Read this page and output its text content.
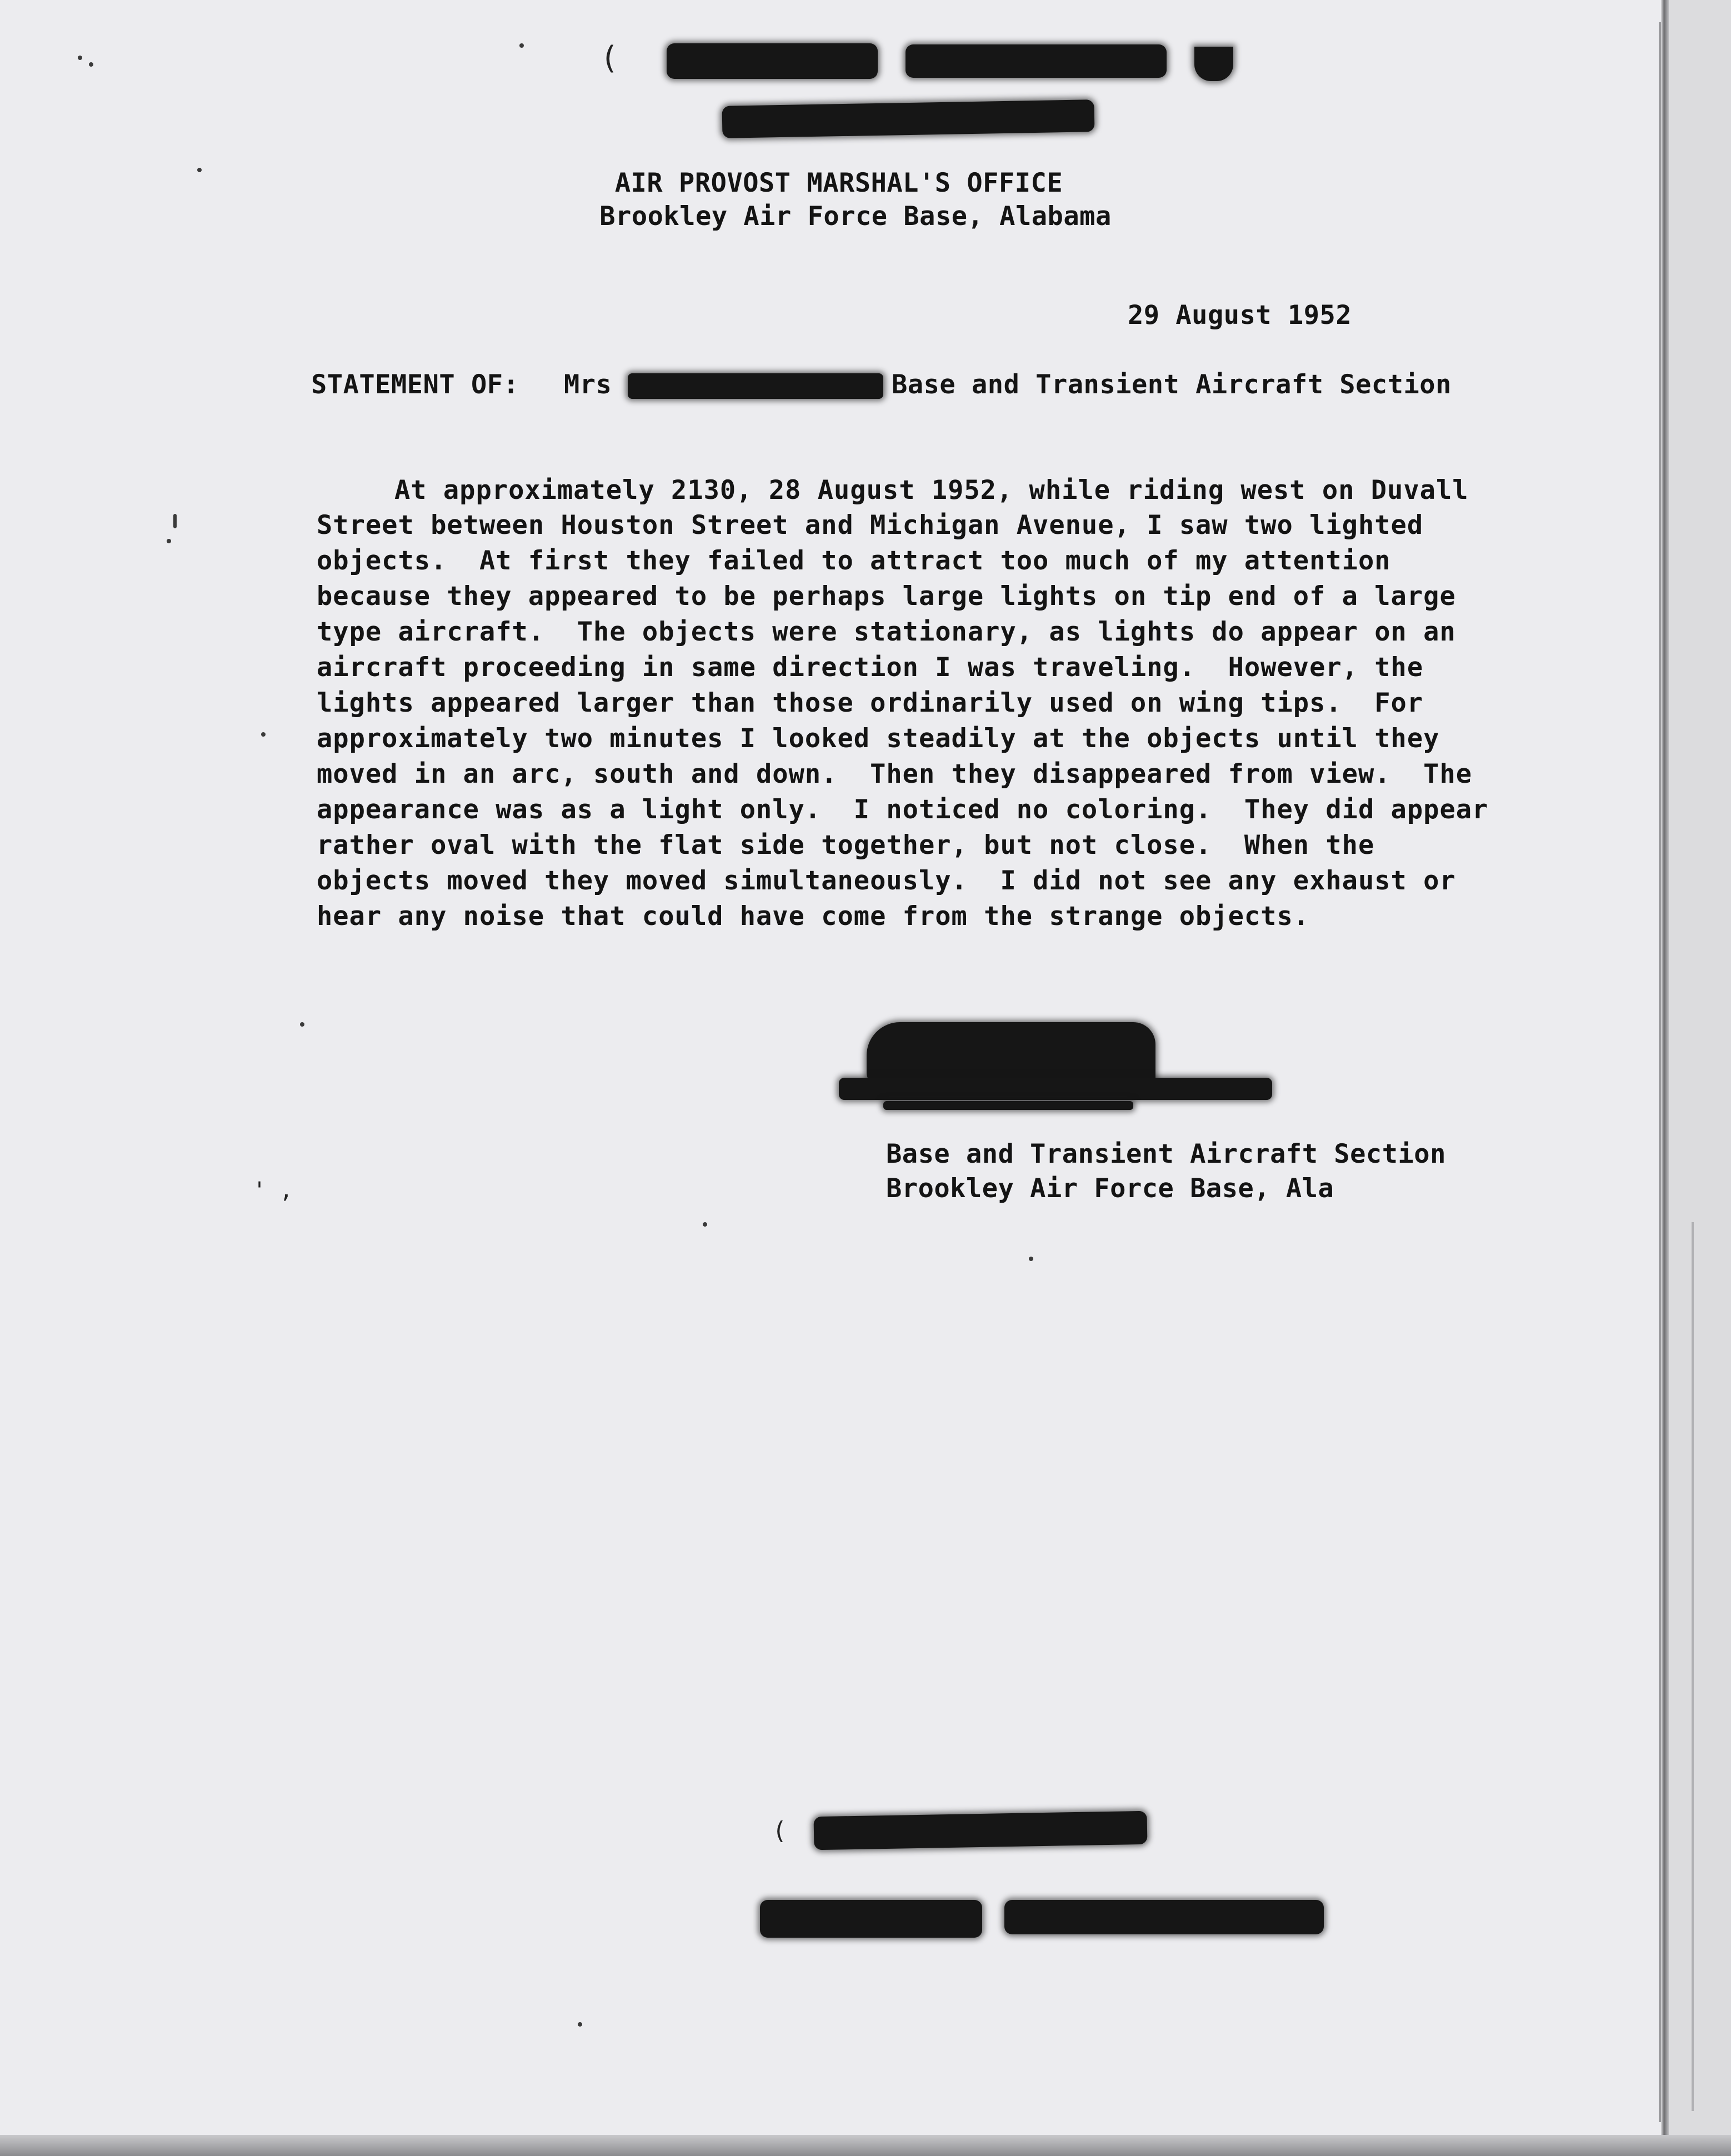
(
AIR PROVOST MARSHAL'S OFFICE
Brookley Air Force Base, Alabama
29 August 1952
STATEMENT OF: Mrs	Base and Transient Aircraft Section
At approximately 2130, 28 August 1952, while riding west on Duvall
Street between Houston Street and Michigan Avenue, I saw two lighted
objects.  At first they failed to attract too much of my attention
because they appeared to be perhaps large lights on tip end of a large
type aircraft.  The objects were stationary, as lights do appear on an
aircraft proceeding in same direction I was traveling.  However, the
lights appeared larger than those ordinarily used on wing tips.  For
approximately two minutes I looked steadily at the objects until they
moved in an arc, south and down.  Then they disappeared from view.  The
appearance was as a light only.  I noticed no coloring.  They did appear
rather oval with the flat side together, but not close.  When the
objects moved they moved simultaneously.  I did not see any exhaust or
hear any noise that could have come from the strange objects.
' ,
Base and Transient Aircraft Section
Brookley Air Force Base, Ala
(
